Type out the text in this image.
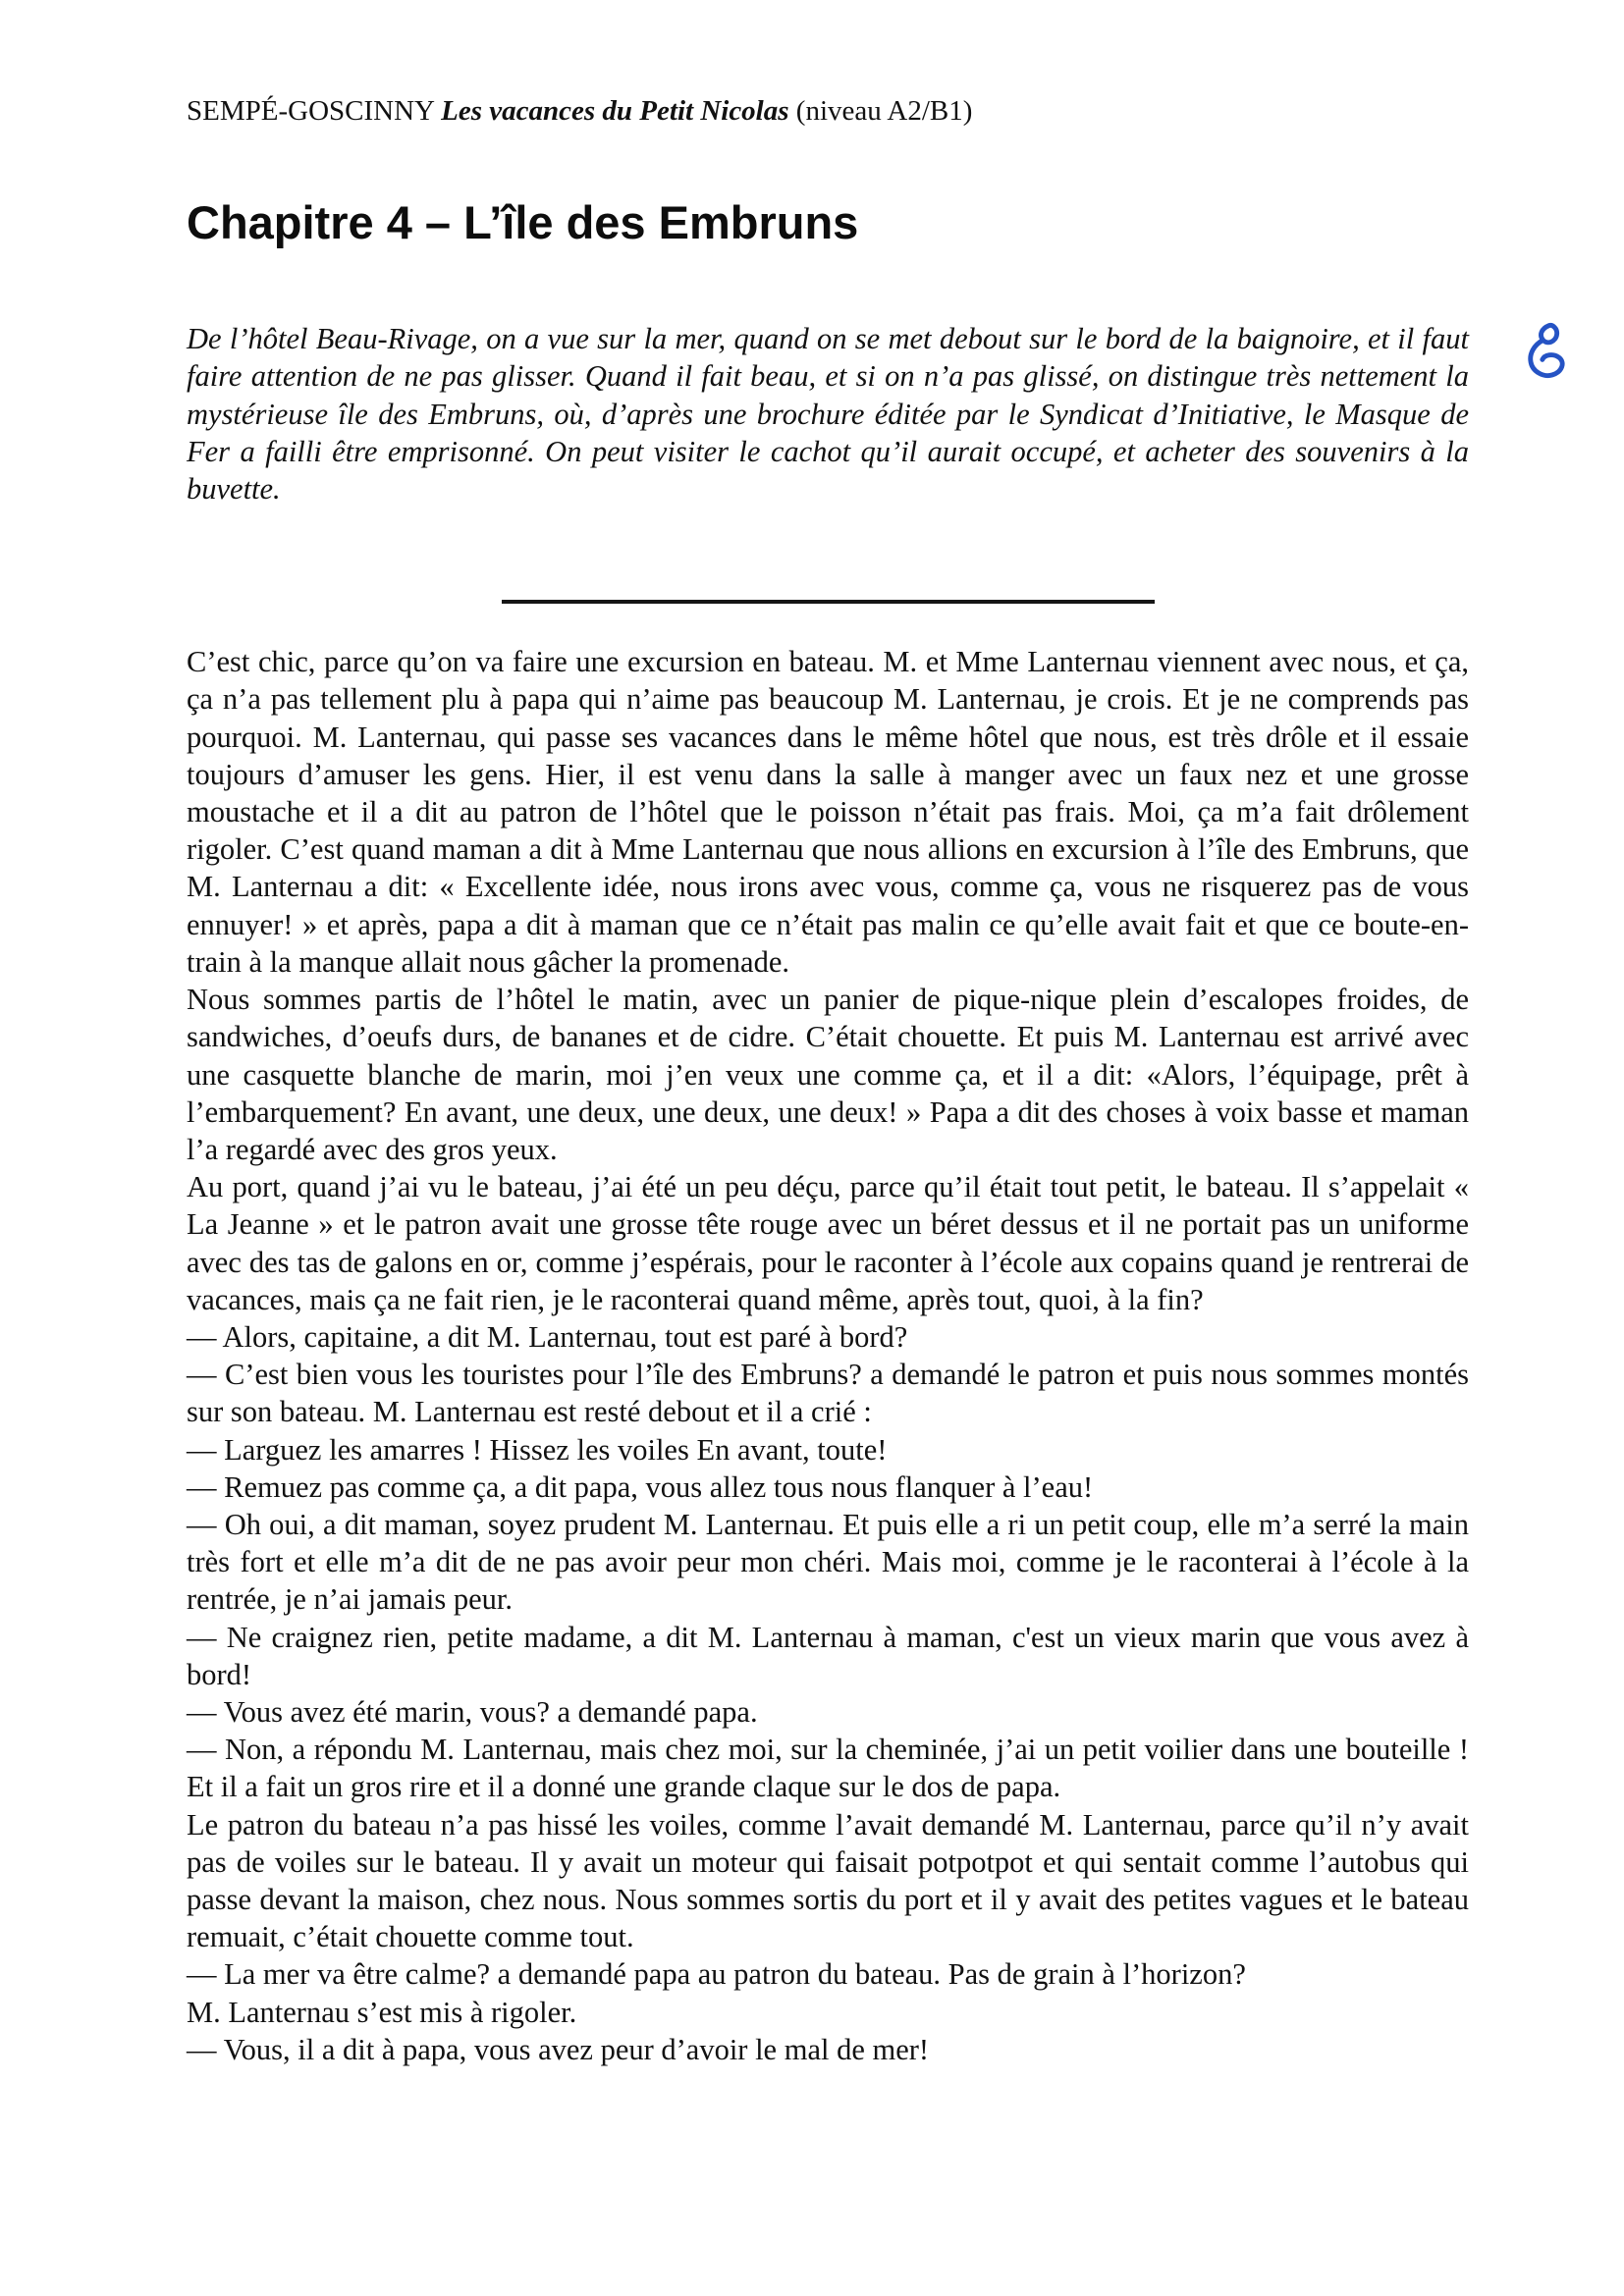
SEMPÉ-GOSCINNY Les vacances du Petit Nicolas (niveau A2/B1)
Chapitre 4 – L’île des Embruns

De l’hôtel Beau-Rivage, on a vue sur la mer, quand on se met debout sur le bord de la baignoire, et il faut faire attention de ne pas glisser. Quand il fait beau, et si on n’a pas glissé, on distingue très nettement la mystérieuse île des Embruns, où, d’après une brochure éditée par le Syndicat d’Initiative, le Masque de Fer a failli être emprisonné. On peut visiter le cachot qu’il aurait occupé, et acheter des souvenirs à la buvette.

C’est chic, parce qu’on va faire une excursion en bateau. M. et Mme Lanternau viennent avec nous, et ça, ça n’a pas tellement plu à papa qui n’aime pas beaucoup M. Lanternau, je crois. Et je ne comprends pas pourquoi. M. Lanternau, qui passe ses vacances dans le même hôtel que nous, est très drôle et il essaie toujours d’amuser les gens. Hier, il est venu dans la salle à manger avec un faux nez et une grosse moustache et il a dit au patron de l’hôtel que le poisson n’était pas frais. Moi, ça m’a fait drôlement rigoler. C’est quand maman a dit à Mme Lanternau que nous allions en excursion à l’île des Embruns, que M. Lanternau a dit: « Excellente idée, nous irons avec vous, comme ça, vous ne risquerez pas de vous ennuyer! » et après, papa a dit à maman que ce n’était pas malin ce qu’elle avait fait et que ce boute-en-train à la manque allait nous gâcher la promenade.

Nous sommes partis de l’hôtel le matin, avec un panier de pique-nique plein d’escalopes froides, de sandwiches, d’oeufs durs, de bananes et de cidre. C’était chouette. Et puis M. Lanternau est arrivé avec une casquette blanche de marin, moi j’en veux une comme ça, et il a dit: «Alors, l’équipage, prêt à l’embarquement? En avant, une deux, une deux, une deux! » Papa a dit des choses à voix basse et maman l’a regardé avec des gros yeux.

Au port, quand j’ai vu le bateau, j’ai été un peu déçu, parce qu’il était tout petit, le bateau. Il s’appelait « La Jeanne » et le patron avait une grosse tête rouge avec un béret dessus et il ne portait pas un uniforme avec des tas de galons en or, comme j’espérais, pour le raconter à l’école aux copains quand je rentrerai de vacances, mais ça ne fait rien, je le raconterai quand même, après tout, quoi, à la fin?

— Alors, capitaine, a dit M. Lanternau, tout est paré à bord?

— C’est bien vous les touristes pour l’île des Embruns? a demandé le patron et puis nous sommes montés sur son bateau. M. Lanternau est resté debout et il a crié :

— Larguez les amarres ! Hissez les voiles En avant, toute!

— Remuez pas comme ça, a dit papa, vous allez tous nous flanquer à l’eau!

— Oh oui, a dit maman, soyez prudent M. Lanternau. Et puis elle a ri un petit coup, elle m’a serré la main très fort et elle m’a dit de ne pas avoir peur mon chéri. Mais moi, comme je le raconterai à l’école à la rentrée, je n’ai jamais peur.

— Ne craignez rien, petite madame, a dit M. Lanternau à maman, c'est un vieux marin que vous avez à bord!

— Vous avez été marin, vous? a demandé papa.

— Non, a répondu M. Lanternau, mais chez moi, sur la cheminée, j’ai un petit voilier dans une bouteille ! Et il a fait un gros rire et il a donné une grande claque sur le dos de papa.

Le patron du bateau n’a pas hissé les voiles, comme l’avait demandé M. Lanternau, parce qu’il n’y avait pas de voiles sur le bateau. Il y avait un moteur qui faisait potpotpot et qui sentait comme l’autobus qui passe devant la maison, chez nous. Nous sommes sortis du port et il y avait des petites vagues et le bateau remuait, c’était chouette comme tout.

— La mer va être calme? a demandé papa au patron du bateau. Pas de grain à l’horizon?

M. Lanternau s’est mis à rigoler.

— Vous, il a dit à papa, vous avez peur d’avoir le mal de mer!
